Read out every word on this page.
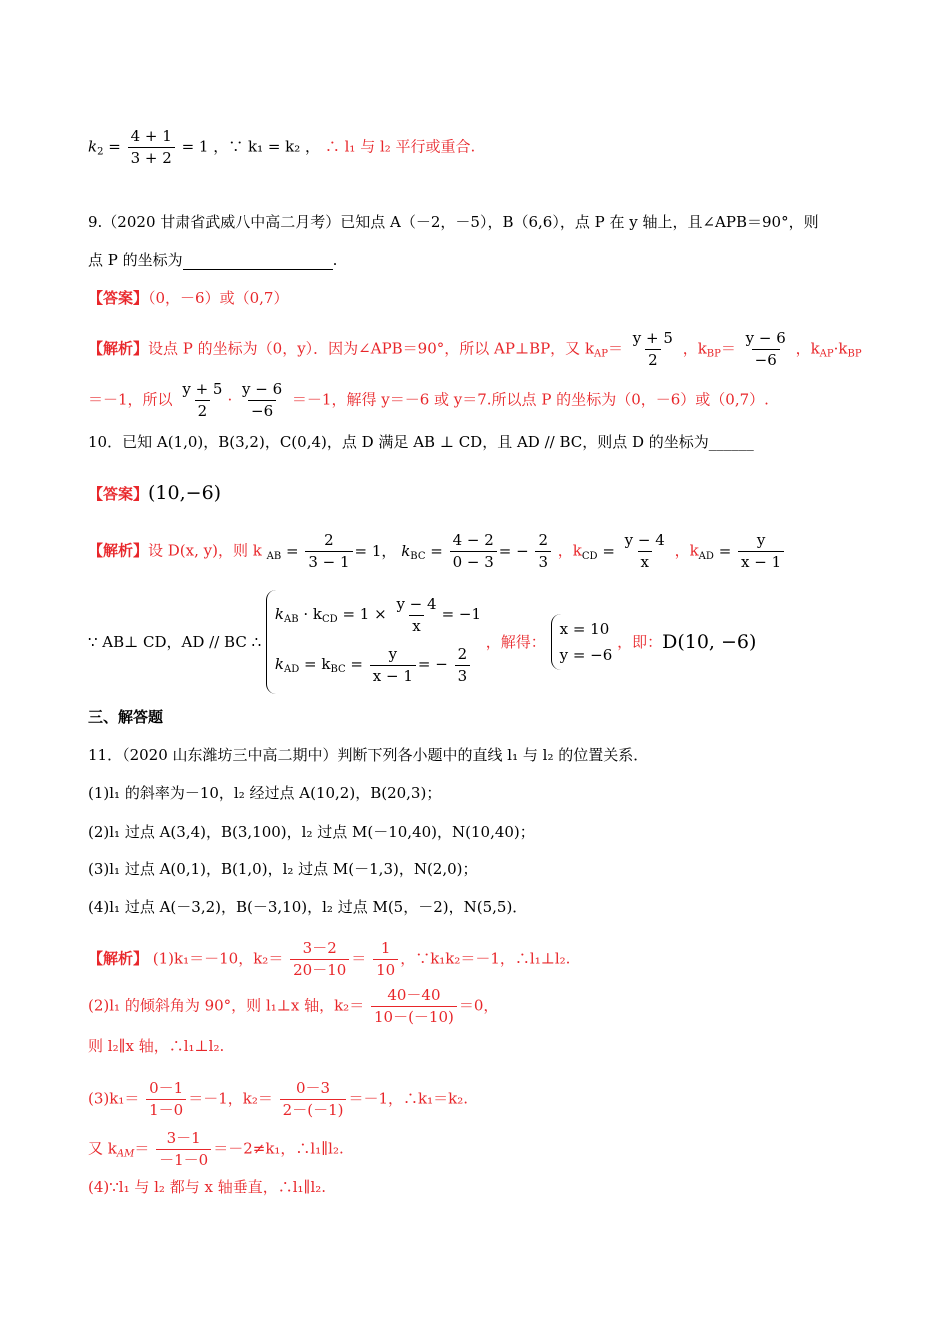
$k_2 = \frac{4 + 1}{3 + 2} = 1$ ，∵ k₁ = k₂ ， ∴ l₁ 与 l₂ 平行或重合.
9.（2020 甘肃省武威八中高二月考）已知点 A（－2，－5），B（6,6），点 P 在 y 轴上，且∠APB＝90°，则
点 P 的坐标为	.
【答案】（0，－6）或（0,7）
【解析】设点 P 的坐标为（0，y）．因为∠APB＝90°，所以 AP⊥BP，又 $k_{AP}= \frac{y + 5}{2}$ ，$k_{BP}= \frac{y - 6}{-6}$ ，$k_{AP}\cdot k_{BP}$
＝－1，所以 $\frac{y + 5}{2} \cdot \frac{y - 6}{-6} =-1$，解得 y＝－6 或 y＝7.所以点 P 的坐标为（0，－6）或（0,7）.
10．已知 A(1,0)，B(3,2)，C(0,4)，点 D 满足 AB ⊥ CD，且 AD // BC，则点 D 的坐标为______
【答案】(10,−6)
【解析】设 D(x, y)，则 k $_{AB} = \frac{2}{3 - 1} = 1$， $k_{BC} = \frac{4 - 2}{0 - 3}$ = − $\frac{2}{3}$ ，$k_{CD} = \frac{y - 4}{x}$ ，$k_{AD} = \frac{y}{x - 1}$
∵ AB⊥ CD，AD // BC ∴
$k_{AB} \cdot k_{CD} = 1 \times \frac{y - 4}{x} = -1$
$k_{AD} = k_{BC} = \frac{y}{x - 1}$ = − $\frac{2}{3}$
，解得：
x = 10
y = −6
，即：D(10, −6)
三、解答题
11．（2020 山东潍坊三中高二期中）判断下列各小题中的直线 l₁ 与 l₂ 的位置关系．
(1)l₁ 的斜率为－10，l₂ 经过点 A(10,2)，B(20,3)；
(2)l₁ 过点 A(3,4)，B(3,100)，l₂ 过点 M(－10,40)，N(10,40)；
(3)l₁ 过点 A(0,1)，B(1,0)，l₂ 过点 M(－1,3)，N(2,0)；
(4)l₁ 过点 A(－3,2)，B(－3,10)，l₂ 过点 M(5，－2)，N(5,5)．
【解析】 (1)k₁＝－10，$k_2= \frac{3-2}{20-10} = \frac{1}{10}$ ，∵k₁k₂＝－1，∴l₁⊥l₂.
(2)l₁ 的倾斜角为 90°，则 l₁⊥x 轴，$k_2= \frac{40-40}{10-(-10)} =0$，
则 l₂∥x 轴，∴l₁⊥l₂.
$(3)k_1= \frac{0-1}{1-0} =-1$，$k_2= \frac{0-3}{2-(-1)} =-1$，∴k₁＝k₂.
又 $k_{AM}= \frac{3-1}{-1-0} =-2\ne k_1$，∴l₁∥l₂.
(4)∵l₁ 与 l₂ 都与 x 轴垂直，∴l₁∥l₂.
